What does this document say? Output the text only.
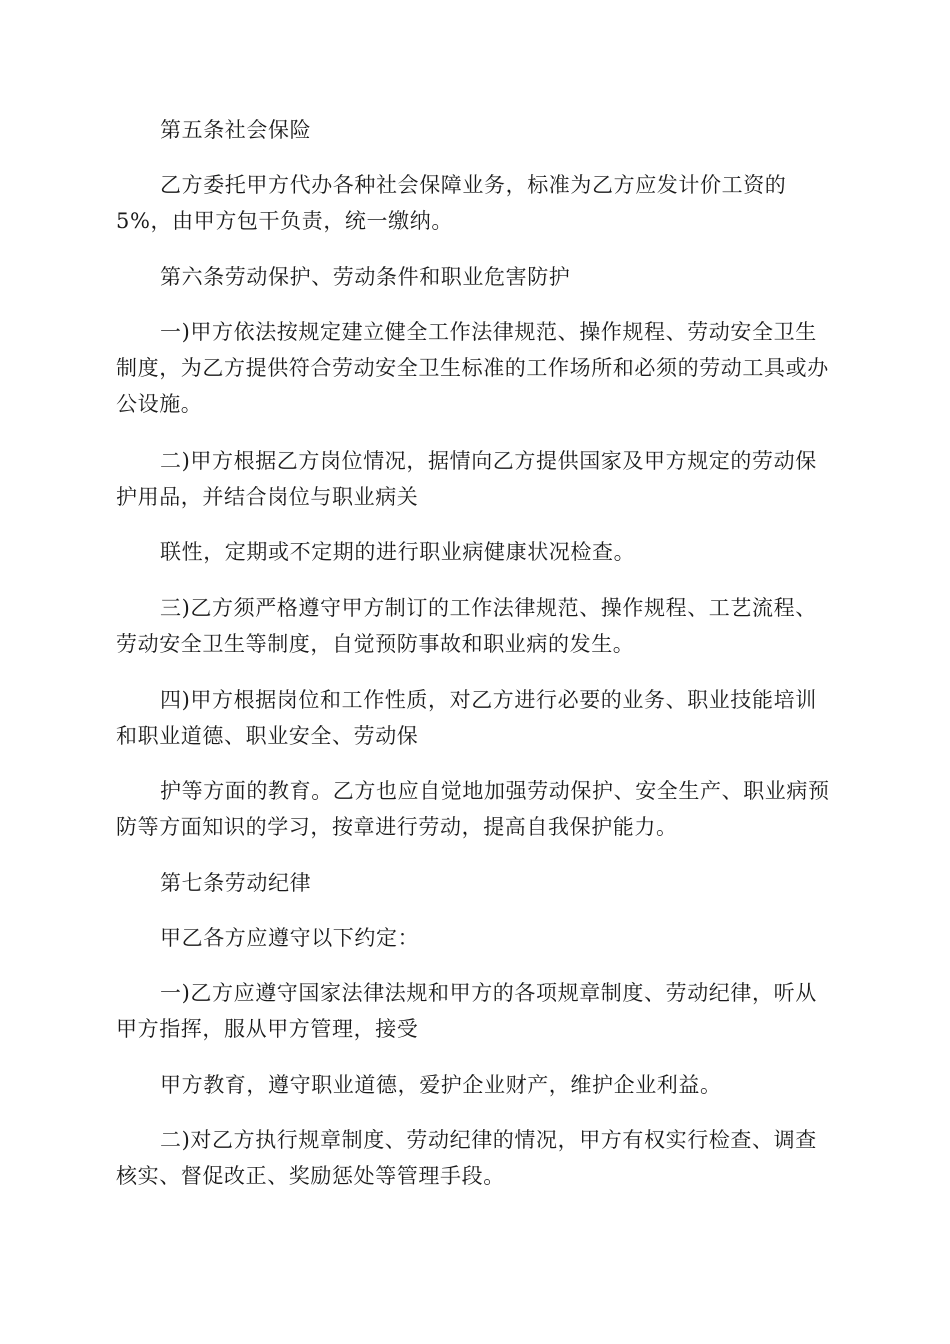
第五条社会保险

乙方委托甲方代办各种社会保障业务，标准为乙方应发计价工资的5%，由甲方包干负责，统一缴纳。

第六条劳动保护、劳动条件和职业危害防护

一)甲方依法按规定建立健全工作法律规范、操作规程、劳动安全卫生制度，为乙方提供符合劳动安全卫生标准的工作场所和必须的劳动工具或办公设施。

二)甲方根据乙方岗位情况，据情向乙方提供国家及甲方规定的劳动保护用品，并结合岗位与职业病关

联性，定期或不定期的进行职业病健康状况检查。

三)乙方须严格遵守甲方制订的工作法律规范、操作规程、工艺流程、劳动安全卫生等制度，自觉预防事故和职业病的发生。

四)甲方根据岗位和工作性质，对乙方进行必要的业务、职业技能培训和职业道德、职业安全、劳动保

护等方面的教育。乙方也应自觉地加强劳动保护、安全生产、职业病预防等方面知识的学习，按章进行劳动，提高自我保护能力。

第七条劳动纪律

甲乙各方应遵守以下约定：

一)乙方应遵守国家法律法规和甲方的各项规章制度、劳动纪律，听从甲方指挥，服从甲方管理，接受

甲方教育，遵守职业道德，爱护企业财产，维护企业利益。

二)对乙方执行规章制度、劳动纪律的情况，甲方有权实行检查、调查核实、督促改正、奖励惩处等管理手段。
